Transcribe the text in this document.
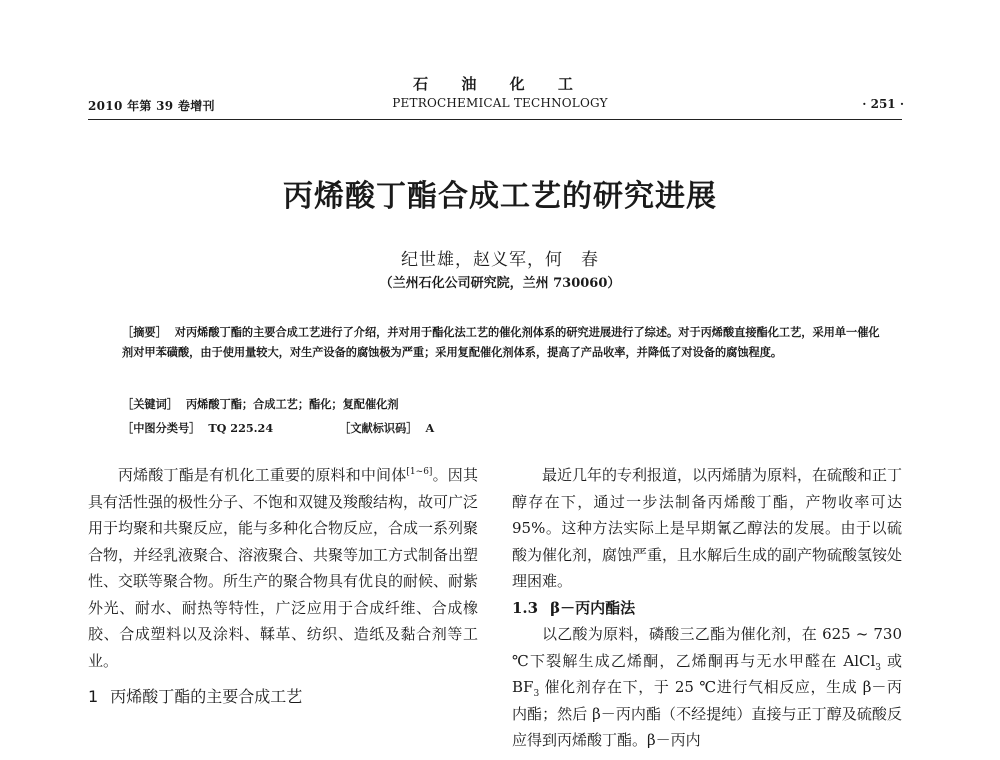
2010 年第 39 卷增刊
石 油 化 工
PETROCHEMICAL TECHNOLOGY	· 251 ·
丙烯酸丁酯合成工艺的研究进展
纪世雄，赵义军，何　春
（兰州石化公司研究院，兰州 730060）
［摘要］ 对丙烯酸丁酯的主要合成工艺进行了介绍，并对用于酯化法工艺的催化剂体系的研究进展进行了综述。对于丙烯酸直接酯化工艺，采用单一催化剂对甲苯磺酸，由于使用量较大，对生产设备的腐蚀极为严重；采用复配催化剂体系，提高了产品收率，并降低了对设备的腐蚀程度。
［关键词］ 丙烯酸丁酯；合成工艺；酯化；复配催化剂
［中图分类号］ TQ 225.24	［文献标识码］ A

丙烯酸丁酯是有机化工重要的原料和中间体[1~6]。因其具有活性强的极性分子、不饱和双键及羧酸结构，故可广泛用于均聚和共聚反应，能与多种化合物反应，合成一系列聚合物，并经乳液聚合、溶液聚合、共聚等加工方式制备出塑性、交联等聚合物。所生产的聚合物具有优良的耐候、耐紫外光、耐水、耐热等特性，广泛应用于合成纤维、合成橡胶、合成塑料以及涂料、鞣革、纺织、造纸及黏合剂等工业。

1 丙烯酸丁酯的主要合成工艺

最近几年的专利报道，以丙烯腈为原料，在硫酸和正丁醇存在下，通过一步法制备丙烯酸丁酯，产物收率可达 95%。这种方法实际上是早期氰乙醇法的发展。由于以硫酸为催化剂，腐蚀严重，且水解后生成的副产物硫酸氢铵处理困难。

1.3 β－丙内酯法

以乙酸为原料，磷酸三乙酯为催化剂，在 625 ~ 730 ℃下裂解生成乙烯酮，乙烯酮再与无水甲醛在 AlCl$_3$ 或 $BF_3$ 催化剂存在下，于 25 ℃进行气相反应，生成 β－丙内酯；然后 β－丙内酯（不经提纯）直接与正丁醇及硫酸反应得到丙烯酸丁酯。β－丙内
